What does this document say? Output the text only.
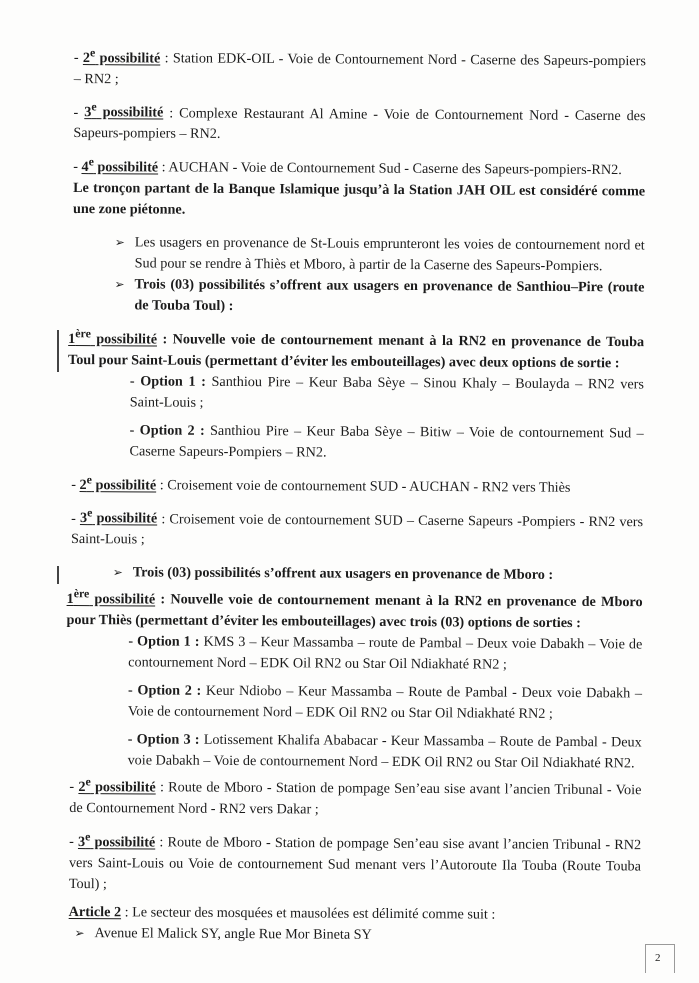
- 2e possibilité : Station EDK-OIL - Voie de Contournement Nord - Caserne des Sapeurs-pompiers – RN2 ;

- 3e possibilité : Complexe Restaurant Al Amine - Voie de Contournement Nord - Caserne des Sapeurs-pompiers – RN2.

- 4e possibilité : AUCHAN - Voie de Contournement Sud - Caserne des Sapeurs-pompiers-RN2.

Le tronçon partant de la Banque Islamique jusqu’à la Station JAH OIL est considéré comme une zone piétonne.

➢ Les usagers en provenance de St-Louis emprunteront les voies de contournement nord et Sud pour se rendre à Thiès et Mboro, à partir de la Caserne des Sapeurs-Pompiers.

➢ Trois (03) possibilités s’offrent aux usagers en provenance de Santhiou–Pire (route de Touba Toul) :

1ère possibilité : Nouvelle voie de contournement menant à la RN2 en provenance de Touba Toul pour Saint-Louis (permettant d’éviter les embouteillages) avec deux options de sortie :

- Option 1 : Santhiou Pire – Keur Baba Sèye – Sinou Khaly – Boulayda – RN2 vers Saint-Louis ;

- Option 2 : Santhiou Pire – Keur Baba Sèye – Bitiw – Voie de contournement Sud – Caserne Sapeurs-Pompiers – RN2.

- 2e possibilité : Croisement voie de contournement SUD - AUCHAN - RN2 vers Thiès

- 3e possibilité : Croisement voie de contournement SUD – Caserne Sapeurs -Pompiers - RN2 vers Saint-Louis ;

➢ Trois (03) possibilités s’offrent aux usagers en provenance de Mboro :

1ère possibilité : Nouvelle voie de contournement menant à la RN2 en provenance de Mboro pour Thiès (permettant d’éviter les embouteillages) avec trois (03) options de sorties :

- Option 1 : KMS 3 – Keur Massamba – route de Pambal – Deux voie Dabakh – Voie de contournement Nord – EDK Oil RN2 ou Star Oil Ndiakhaté RN2 ;

- Option 2 : Keur Ndiobo – Keur Massamba – Route de Pambal - Deux voie Dabakh – Voie de contournement Nord – EDK Oil RN2 ou Star Oil Ndiakhaté RN2 ;

- Option 3 : Lotissement Khalifa Ababacar - Keur Massamba – Route de Pambal - Deux voie Dabakh – Voie de contournement Nord – EDK Oil RN2 ou Star Oil Ndiakhaté RN2.

- 2e possibilité : Route de Mboro - Station de pompage Sen’eau sise avant l’ancien Tribunal - Voie de Contournement Nord - RN2 vers Dakar ;

- 3e possibilité : Route de Mboro - Station de pompage Sen’eau sise avant l’ancien Tribunal - RN2 vers Saint-Louis ou Voie de contournement Sud menant vers l’Autoroute Ila Touba (Route Touba Toul) ;

Article 2 : Le secteur des mosquées et mausolées est délimité comme suit :

➢ Avenue El Malick SY, angle Rue Mor Bineta SY

2
